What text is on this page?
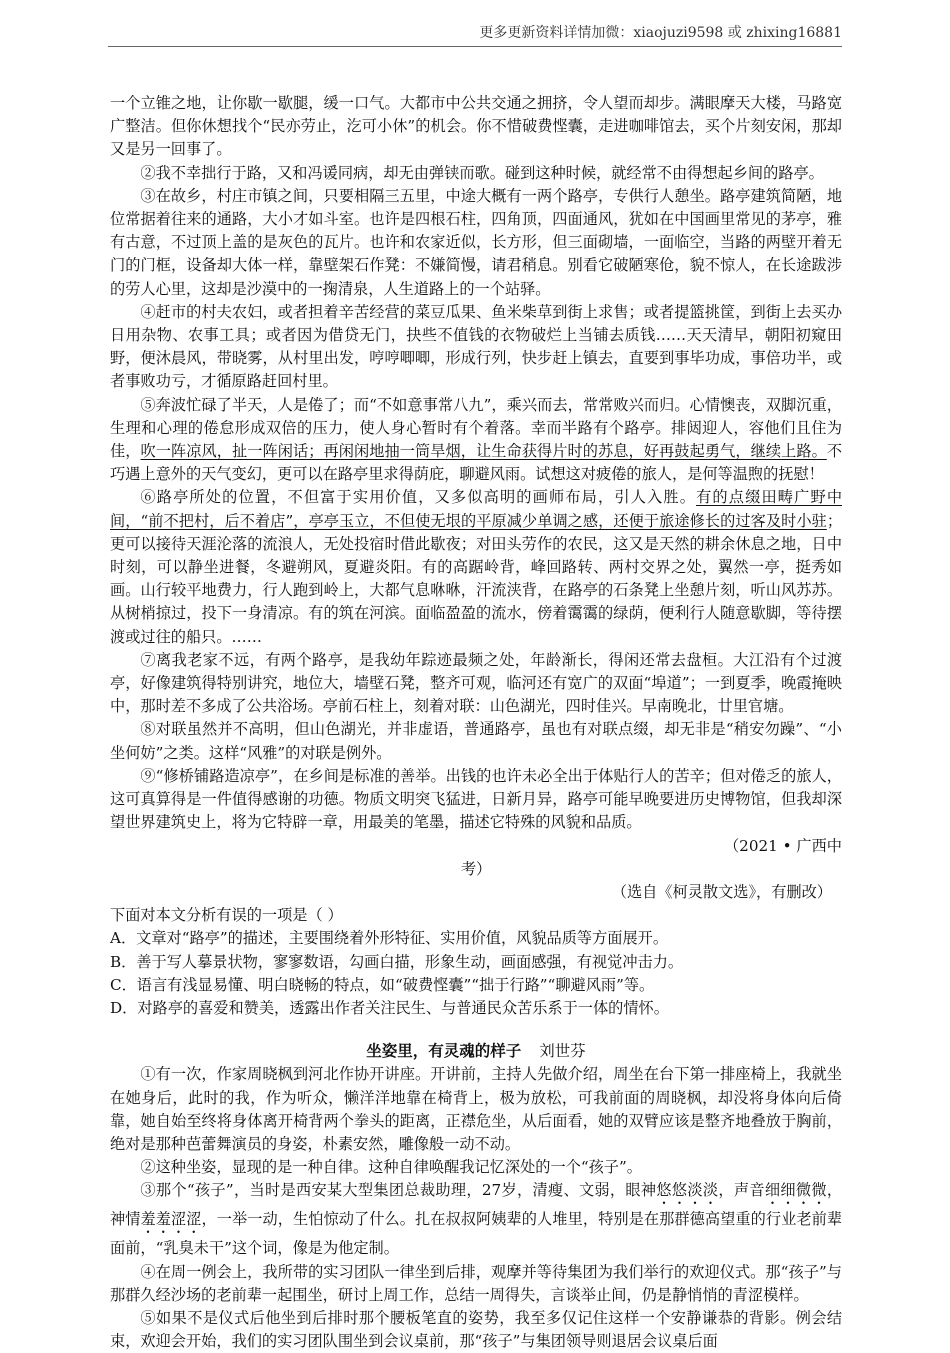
更多更新资料详情加微：xiaojuzi9598 或 zhixing16881

一个立锥之地，让你歇一歇腿，缓一口气。大都市中公共交通之拥挤，令人望而却步。满眼摩天大楼，马路宽广整洁。但你休想找个“民亦劳止，汔可小休”的机会。你不惜破费悭囊，走进咖啡馆去，买个片刻安闲，那却又是另一回事了。

②我不幸拙行于路，又和冯谖同病，却无由弹铗而歌。碰到这种时候，就经常不由得想起乡间的路亭。

③在故乡，村庄市镇之间，只要相隔三五里，中途大概有一两个路亭，专供行人憩坐。路亭建筑简陋，地位常据着往来的通路，大小才如斗室。也许是四根石柱，四角顶，四面通风，犹如在中国画里常见的茅亭，雅有古意，不过顶上盖的是灰色的瓦片。也许和农家近似，长方形，但三面砌墙，一面临空，当路的两壁开着无门的门框，设备却大体一样，靠壁架石作凳：不嫌简慢，请君稍息。别看它破陋寒伧，貌不惊人，在长途跋涉的劳人心里，这却是沙漠中的一掬清泉，人生道路上的一个站驿。

④赶市的村夫农妇，或者担着辛苦经营的菜豆瓜果、鱼米柴草到街上求售；或者提篮挑筐，到街上去买办日用杂物、农事工具；或者因为借贷无门，抉些不值钱的衣物破烂上当铺去质钱……天天清早，朝阳初窥田野，便沐晨风，带晓雾，从村里出发，哼哼唧唧，形成行列，快步赶上镇去，直要到事毕功成，事倍功半，或者事败功亏，才循原路赶回村里。

⑤奔波忙碌了半天，人是倦了；而“不如意事常八九”，乘兴而去，常常败兴而归。心情懊丧，双脚沉重，生理和心理的倦怠形成双倍的压力，使人身心暂时有个着落。幸而半路有个路亭。排闼迎人，容他们且住为佳，吹一阵凉风，扯一阵闲话；再闲闲地抽一筒旱烟，让生命获得片时的苏息，好再鼓起勇气，继续上路。不巧遇上意外的天气变幻，更可以在路亭里求得荫庇，聊避风雨。试想这对疲倦的旅人，是何等温煦的抚慰！

⑥路亭所处的位置，不但富于实用价值，又多似高明的画师布局，引人入胜。有的点缀田畴广野中间，“前不把村，后不着店”，亭亭玉立，不但使无垠的平原减少单调之感，还便于旅途修长的过客及时小驻；更可以接待天涯沦落的流浪人，无处投宿时借此歇夜；对田头劳作的农民，这又是天然的耕余休息之地，日中时刻，可以静坐进餐，冬避朔风，夏避炎阳。有的高踞岭背，峰回路转、两村交界之处，翼然一亭，挺秀如画。山行较平地费力，行人跑到岭上，大都气息咻咻，汗流浃背，在路亭的石条凳上坐憩片刻，听山风苏苏。从树梢掠过，投下一身清凉。有的筑在河滨。面临盈盈的流水，傍着霭霭的绿荫，便利行人随意歇脚，等待摆渡或过往的船只。……

⑦离我老家不远，有两个路亭，是我幼年踪迹最频之处，年龄渐长，得闲还常去盘桓。大江沿有个过渡亭，好像建筑得特别讲究，地位大，墙壁石凳，整齐可观，临河还有宽广的双面“埠道”；一到夏季，晚霞掩映中，那时差不多成了公共浴场。亭前石柱上，刻着对联：山色湖光，四时佳兴。早南晚北，廿里官塘。

⑧对联虽然并不高明，但山色湖光，并非虚语，普通路亭，虽也有对联点缀，却无非是“稍安勿躁”、“小坐何妨”之类。这样“风雅”的对联是例外。

⑨“修桥铺路造凉亭”，在乡间是标准的善举。出钱的也许未必全出于体贴行人的苦辛；但对倦乏的旅人，这可真算得是一件值得感谢的功德。物质文明突飞猛进，日新月异，路亭可能早晚要进历史博物馆，但我却深望世界建筑史上，将为它特辟一章，用最美的笔墨，描述它特殊的风貌和品质。

（2021 • 广西中

考）

（选自《柯灵散文选》，有删改）

下面对本文分析有误的一项是（ ）

A．文章对“路亭”的描述，主要围绕着外形特征、实用价值，风貌品质等方面展开。

B．善于写人摹景状物，寥寥数语，勾画白描，形象生动，画面感强，有视觉冲击力。

C．语言有浅显易懂、明白晓畅的特点，如“破费悭囊”“拙于行路”“聊避风雨”等。

D．对路亭的喜爱和赞美，透露出作者关注民生、与普通民众苦乐系于一体的情怀。

坐姿里，有灵魂的样子 刘世芬

①有一次，作家周晓枫到河北作协开讲座。开讲前，主持人先做介绍，周坐在台下第一排座椅上，我就坐在她身后，此时的我，作为听众，懒洋洋地靠在椅背上，极为放松，可我前面的周晓枫，却没将身体向后倚靠，她自始至终将身体离开椅背两个拳头的距离，正襟危坐，从后面看，她的双臂应该是整齐地叠放于胸前，绝对是那种芭蕾舞演员的身姿，朴素安然，雕像般一动不动。

②这种坐姿，显现的是一种自律。这种自律唤醒我记忆深处的一个“孩子”。

③那个“孩子”，当时是西安某大型集团总裁助理，27岁，清瘦、文弱，眼神悠悠淡淡，声音细细微微，神情羞羞涩涩，一举一动，生怕惊动了什么。扎在叔叔阿姨辈的人堆里，特别是在那群德高望重的行业老前辈面前，“乳臭未干”这个词，像是为他定制。

④在周一例会上，我所带的实习团队一律坐到后排，观摩并等待集团为我们举行的欢迎仪式。那“孩子”与那群久经沙场的老前辈一起围坐，研讨上周工作，总结一周得失，言谈举止间，仍是静悄悄的青涩模样。

⑤如果不是仪式后他坐到后排时那个腰板笔直的姿势，我至多仅记住这样一个安静谦恭的背影。例会结束，欢迎会开始，我们的实习团队围坐到会议桌前，那“孩子”与集团领导则退居会议桌后面
